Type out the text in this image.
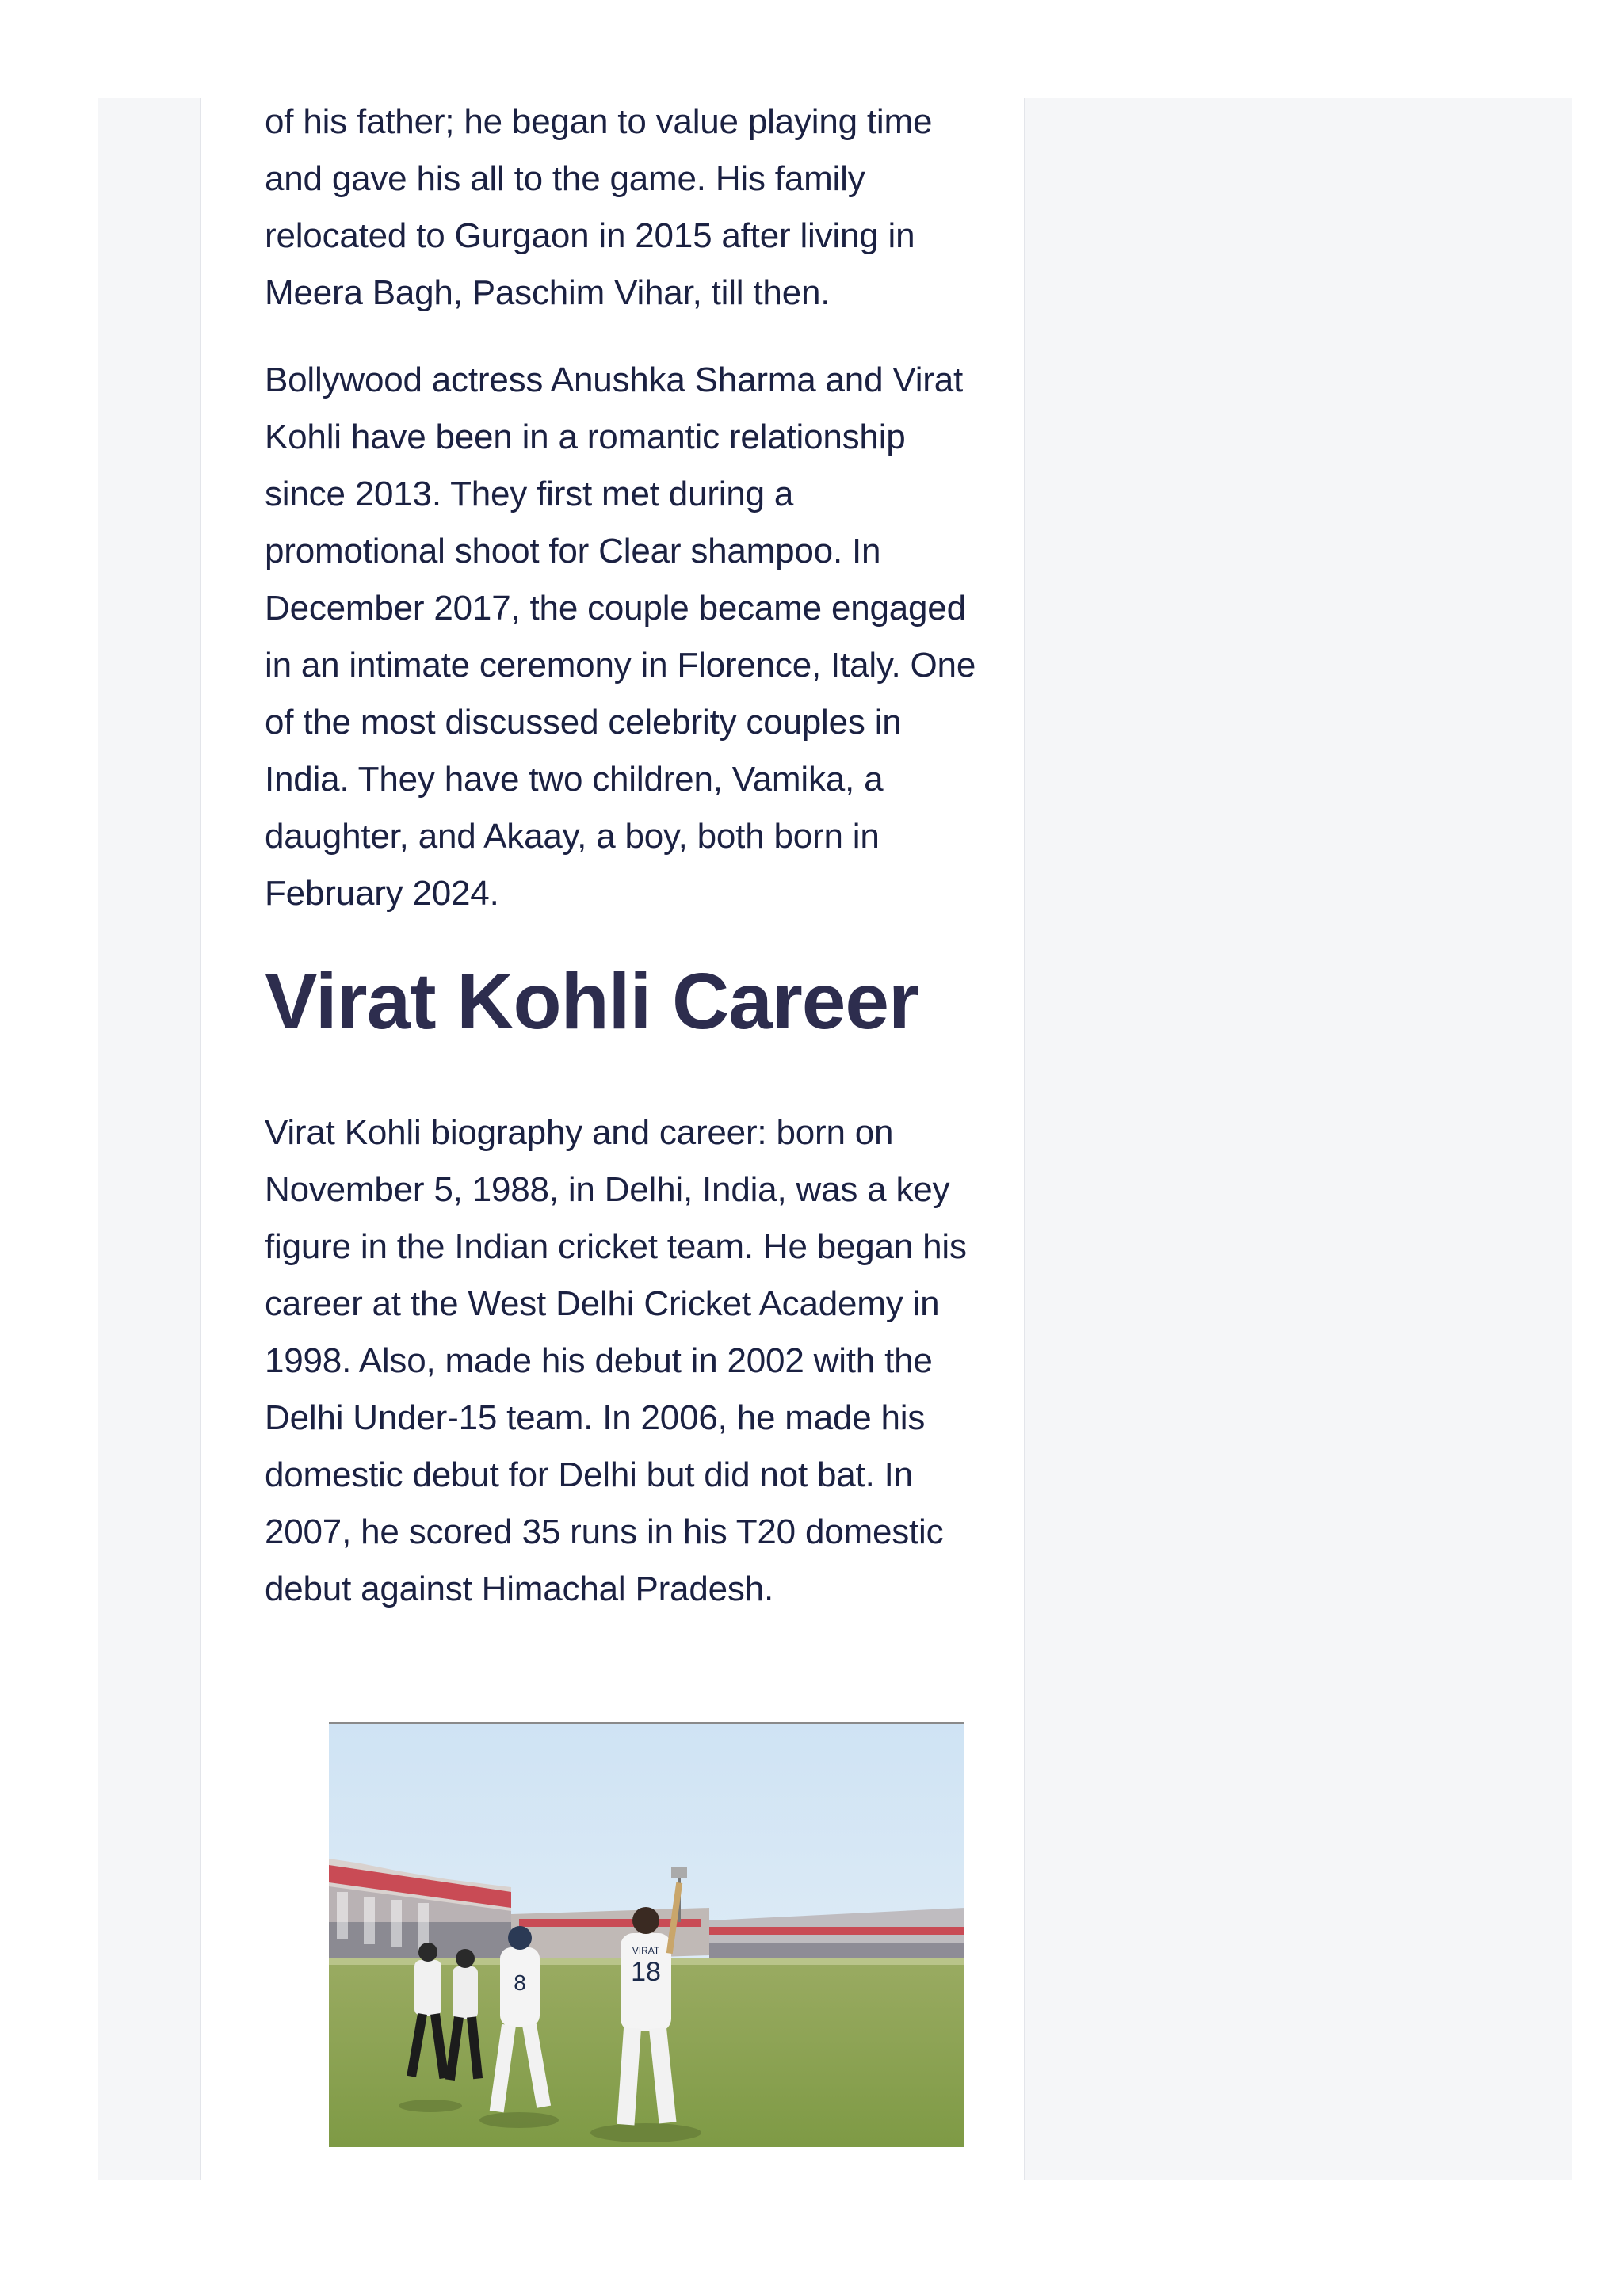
of his father; he began to value playing time and gave his all to the game. His family relocated to Gurgaon in 2015 after living in Meera Bagh, Paschim Vihar, till then.

Bollywood actress Anushka Sharma and Virat Kohli have been in a romantic relationship since 2013. They first met during a promotional shoot for Clear shampoo. In December 2017, the couple became engaged in an intimate ceremony in Florence, Italy. One of the most discussed celebrity couples in India. They have two children, Vamika, a daughter, and Akaay, a boy, both born in February 2024.

Virat Kohli Career

Virat Kohli biography and career: born on November 5, 1988, in Delhi, India, was a key figure in the Indian cricket team. He began his career at the West Delhi Cricket Academy in 1998. Also, made his debut in 2002 with the Delhi Under-15 team. In 2006, he made his domestic debut for Delhi but did not bat. In 2007, he scored 35 runs in his T20 domestic debut against Himachal Pradesh.

8
VIRAT
18
